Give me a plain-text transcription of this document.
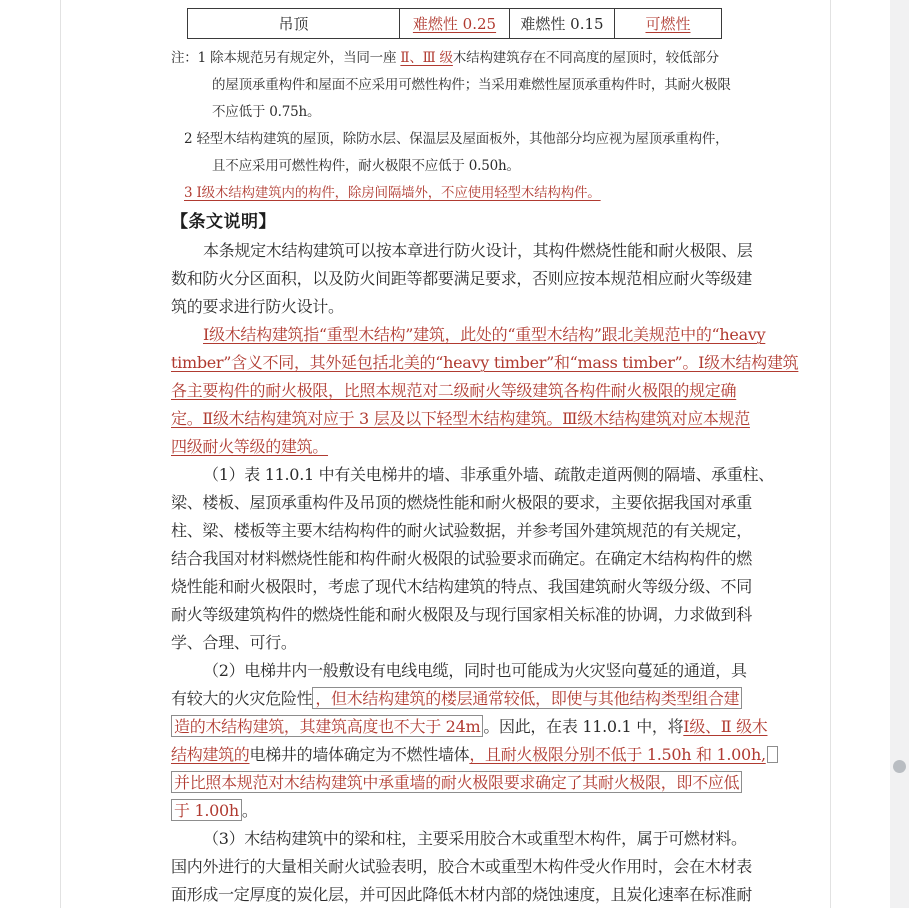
吊顶	难燃性 0.25	难燃性 0.15	可燃性
注：1 除本规范另有规定外，当同一座 Ⅱ、Ⅲ 级木结构建筑存在不同高度的屋顶时，较低部分
的屋顶承重构件和屋面不应采用可燃性构件；当采用难燃性屋顶承重构件时，其耐火极限
不应低于 0.75h。
2 轻型木结构建筑的屋顶，除防水层、保温层及屋面板外，其他部分均应视为屋顶承重构件，
且不应采用可燃性构件，耐火极限不应低于 0.50h。
3 I级木结构建筑内的构件，除房间隔墙外，不应使用轻型木结构构件。
【条文说明】
本条规定木结构建筑可以按本章进行防火设计，其构件燃烧性能和耐火极限、层
数和防火分区面积，以及防火间距等都要满足要求，否则应按本规范相应耐火等级建
筑的要求进行防火设计。
I级木结构建筑指“重型木结构”建筑，此处的“重型木结构”跟北美规范中的“heavy
timber”含义不同，其外延包括北美的“heavy timber”和“mass timber”。I级木结构建筑
各主要构件的耐火极限，比照本规范对二级耐火等级建筑各构件耐火极限的规定确
定。Ⅱ级木结构建筑对应于 3 层及以下轻型木结构建筑。Ⅲ级木结构建筑对应本规范
四级耐火等级的建筑。
（1）表 11.0.1 中有关电梯井的墙、非承重外墙、疏散走道两侧的隔墙、承重柱、
梁、楼板、屋顶承重构件及吊顶的燃烧性能和耐火极限的要求，主要依据我国对承重
柱、梁、楼板等主要木结构构件的耐火试验数据，并参考国外建筑规范的有关规定，
结合我国对材料燃烧性能和构件耐火极限的试验要求而确定。在确定木结构构件的燃
烧性能和耐火极限时，考虑了现代木结构建筑的特点、我国建筑耐火等级分级、不同
耐火等级建筑构件的燃烧性能和耐火极限及与现行国家相关标准的协调，力求做到科
学、合理、可行。
（2）电梯井内一般敷设有电线电缆，同时也可能成为火灾竖向蔓延的通道，具
有较大的火灾危险性 ，但木结构建筑的楼层通常较低，即使与其他结构类型组合建
造的木结构建筑，其建筑高度也不大于 24m 。因此，在表 11.0.1 中，将I级、Ⅱ 级木
结构建筑的电梯井的墙体确定为不燃性墙体，且耐火极限分别不低于 1.50h 和 1.00h,
并比照本规范对木结构建筑中承重墙的耐火极限要求确定了其耐火极限，即不应低
于 1.00h 。
（3）木结构建筑中的梁和柱，主要采用胶合木或重型木构件，属于可燃材料。
国内外进行的大量相关耐火试验表明，胶合木或重型木构件受火作用时，会在木材表
面形成一定厚度的炭化层，并可因此降低木材内部的烧蚀速度，且炭化速率在标准耐
